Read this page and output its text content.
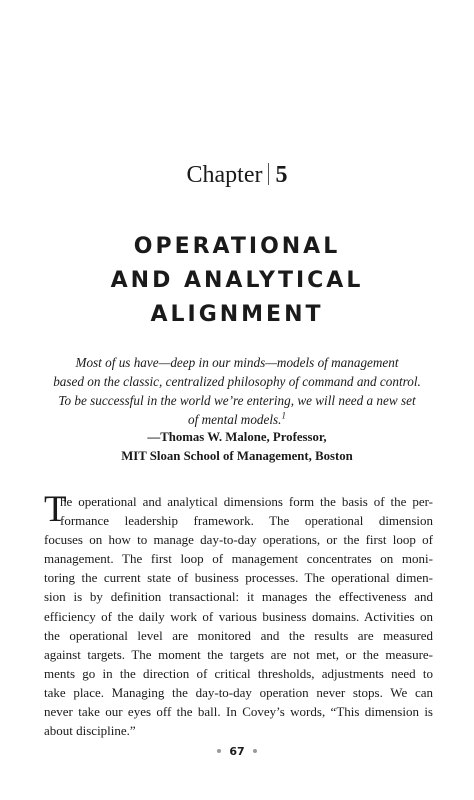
Chapter 5
OPERATIONAL
AND ANALYTICAL
ALIGNMENT
Most of us have—deep in our minds—models of management
based on the classic, centralized philosophy of command and control.
To be successful in the world we’re entering, we will need a new set
of mental models.$^1$
—Thomas W. Malone, Professor,
MIT Sloan School of Management, Boston
T
he operational and analytical dimensions form the basis of the per-
formance leadership framework. The operational dimension
focuses on how to manage day-to-day operations, or the first loop of
management. The first loop of management concentrates on moni-
toring the current state of business processes. The operational dimen-
sion is by definition transactional: it manages the effectiveness and
efficiency of the daily work of various business domains. Activities on
the operational level are monitored and the results are measured
against targets. The moment the targets are not met, or the measure-
ments go in the direction of critical thresholds, adjustments need to
take place. Managing the day-to-day operation never stops. We can
never take our eyes off the ball. In Covey’s words, “This dimension is
about discipline.”
67
